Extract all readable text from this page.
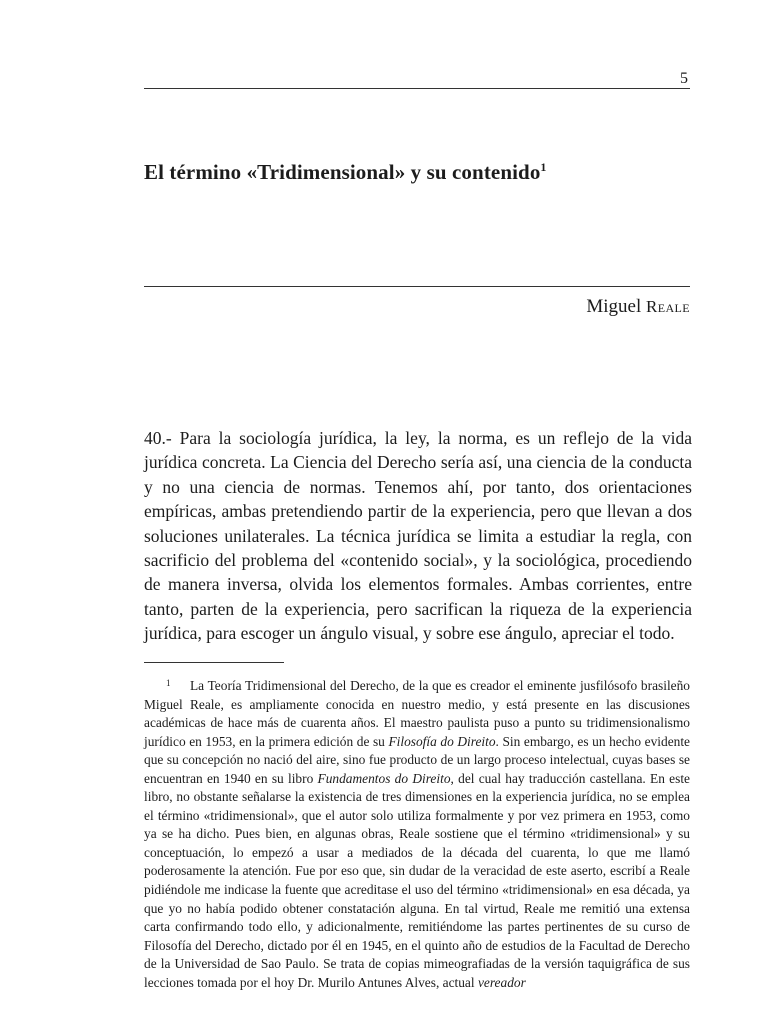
5
El término «Tridimensional» y su contenido$^1$
Miguel Reale

40.- Para la sociología jurídica, la ley, la norma, es un reflejo de la vida jurídica concreta. La Ciencia del Derecho sería así, una ciencia de la conducta y no una ciencia de normas. Tenemos ahí, por tanto, dos orientaciones empíricas, ambas pretendiendo partir de la experiencia, pero que llevan a dos soluciones unilaterales. La técnica jurídica se limita a estudiar la regla, con sacrificio del problema del «contenido social», y la sociológica, procediendo de manera inversa, olvida los elementos formales. Ambas corrientes, entre tanto, parten de la experiencia, pero sacrifican la riqueza de la experiencia jurídica, para escoger un ángulo visual, y sobre ese ángulo, apreciar el todo.

1 La Teoría Tridimensional del Derecho, de la que es creador el eminente jusfilósofo brasileño Miguel Reale, es ampliamente conocida en nuestro medio, y está presente en las discusiones académicas de hace más de cuarenta años. El maestro paulista puso a punto su tridimensionalismo jurídico en 1953, en la primera edición de su Filosofía do Direito. Sin embargo, es un hecho evidente que su concepción no nació del aire, sino fue producto de un largo proceso intelectual, cuyas bases se encuentran en 1940 en su libro Fundamentos do Direito, del cual hay traducción castellana. En este libro, no obstante señalarse la existencia de tres dimensiones en la experiencia jurídica, no se emplea el término «tridimensional», que el autor solo utiliza formalmente y por vez primera en 1953, como ya se ha dicho. Pues bien, en algunas obras, Reale sostiene que el término «tridimensional» y su conceptuación, lo empezó a usar a mediados de la década del cuarenta, lo que me llamó poderosamente la atención. Fue por eso que, sin dudar de la veracidad de este aserto, escribí a Reale pidiéndole me indicase la fuente que acreditase el uso del término «tridimensional» en esa década, ya que yo no había podido obtener constatación alguna. En tal virtud, Reale me remitió una extensa carta confirmando todo ello, y adicionalmente, remitiéndome las partes pertinentes de su curso de Filosofía del Derecho, dictado por él en 1945, en el quinto año de estudios de la Facultad de Derecho de la Universidad de Sao Paulo. Se trata de copias mimeografiadas de la versión taquigráfica de sus lecciones tomada por el hoy Dr. Murilo Antunes Alves, actual vereador
